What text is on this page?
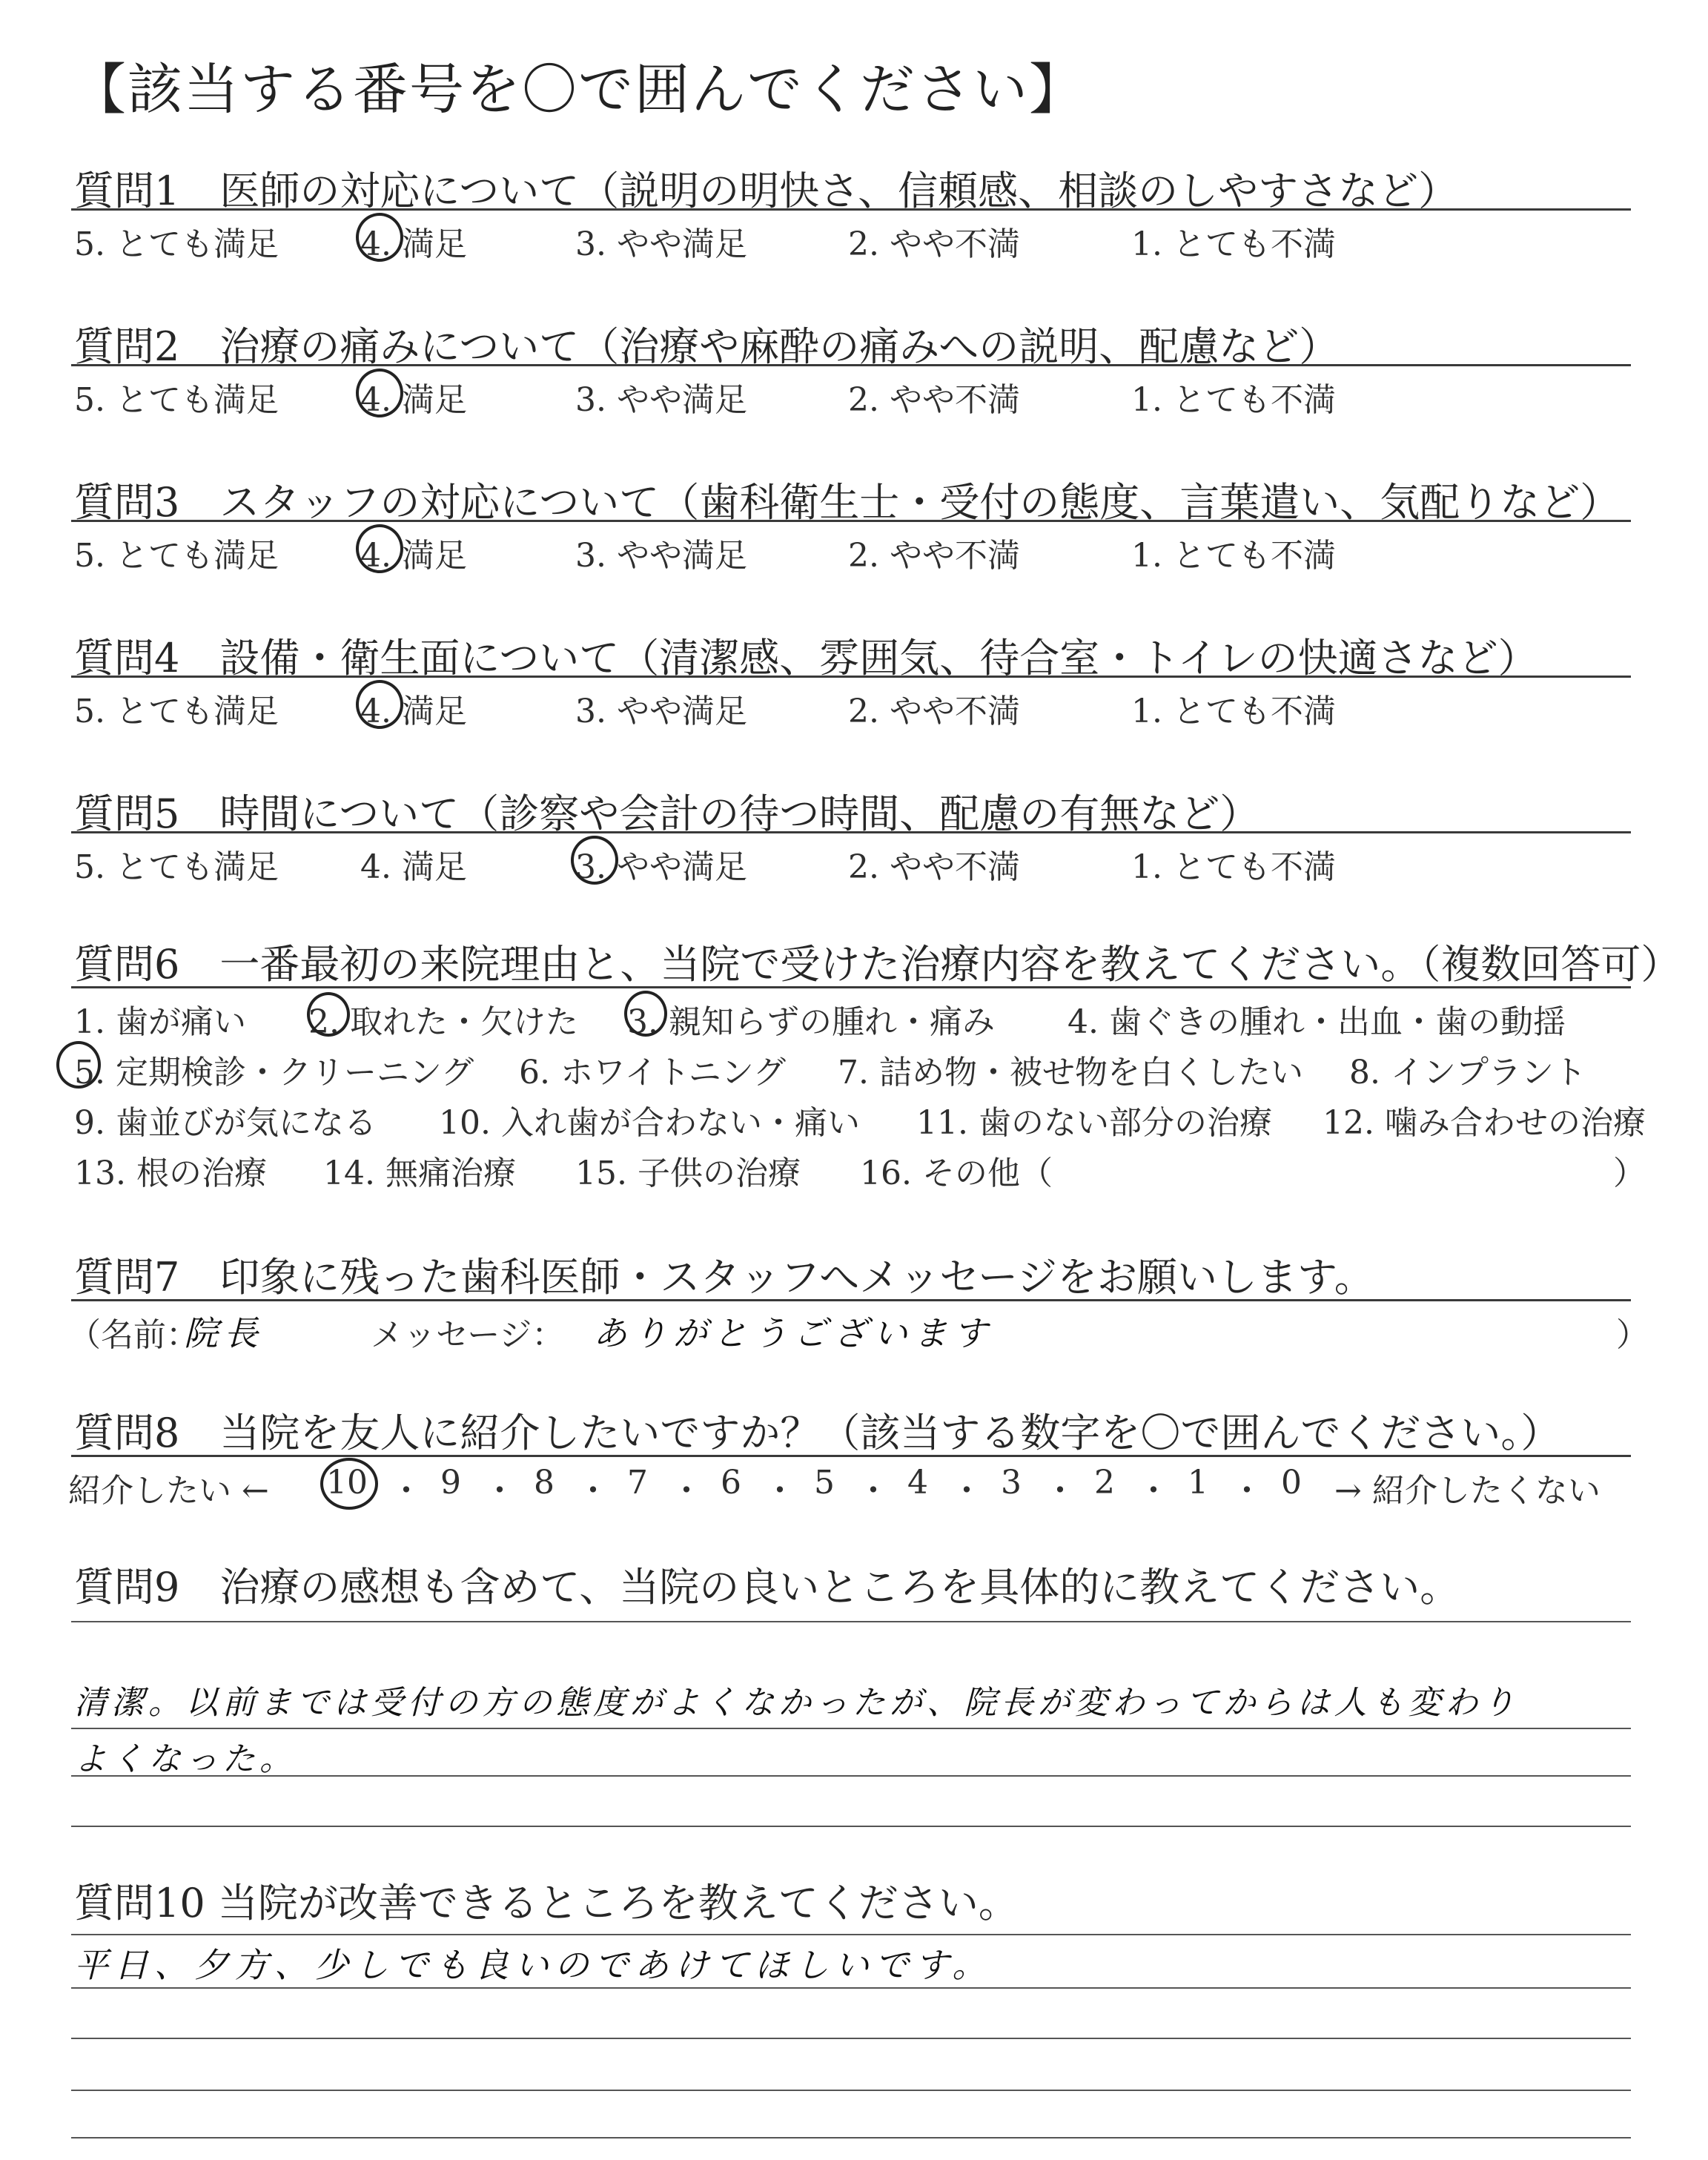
【該当する番号を〇で囲んでください】
質問1　医師の対応について（説明の明快さ、信頼感、相談のしやすさなど）
5. とても満足	4. 満足	3. やや満足	2. やや不満	1. とても不満
質問2　治療の痛みについて（治療や麻酔の痛みへの説明、配慮など）
5. とても満足	4. 満足	3. やや満足	2. やや不満	1. とても不満
質問3　スタッフの対応について（歯科衛生士・受付の態度、言葉遣い、気配りなど）
5. とても満足	4. 満足	3. やや満足	2. やや不満	1. とても不満
質問4　設備・衛生面について（清潔感、雰囲気、待合室・トイレの快適さなど）
5. とても満足	4. 満足	3. やや満足	2. やや不満	1. とても不満
質問5　時間について（診察や会計の待つ時間、配慮の有無など）
5. とても満足	4. 満足	3. やや満足	2. やや不満	1. とても不満
質問6　一番最初の来院理由と、当院で受けた治療内容を教えてください。（複数回答可）
1. 歯が痛い 2. 取れた・欠けた 3. 親知らずの腫れ・痛み 4. 歯ぐきの腫れ・出血・歯の動揺
5. 定期検診・クリーニング 6. ホワイトニング 7. 詰め物・被せ物を白くしたい 8. インプラント
9. 歯並びが気になる 10. 入れ歯が合わない・痛い 11. 歯のない部分の治療 12. 噛み合わせの治療
13. 根の治療 14. 無痛治療 15. 子供の治療 16. その他（	）
質問7　印象に残った歯科医師・スタッフへメッセージをお願いします。
（名前：
院長	メッセージ： ありがとうございます	）
質問8　当院を友人に紹介したいですか？（該当する数字を〇で囲んでください。）
紹介したい ← 10 ・ 9 ・ 8 ・ 7 ・ 6 ・ 5 ・ 4 ・ 3 ・ 2 ・ 1 ・ 0 → 紹介したくない
質問9　治療の感想も含めて、当院の良いところを具体的に教えてください。
清潔。以前までは受付の方の態度がよくなかったが、院長が変わってからは人も変わり
よくなった。
質問10 当院が改善できるところを教えてください。
平日、夕方、少しでも良いのであけてほしいです。
